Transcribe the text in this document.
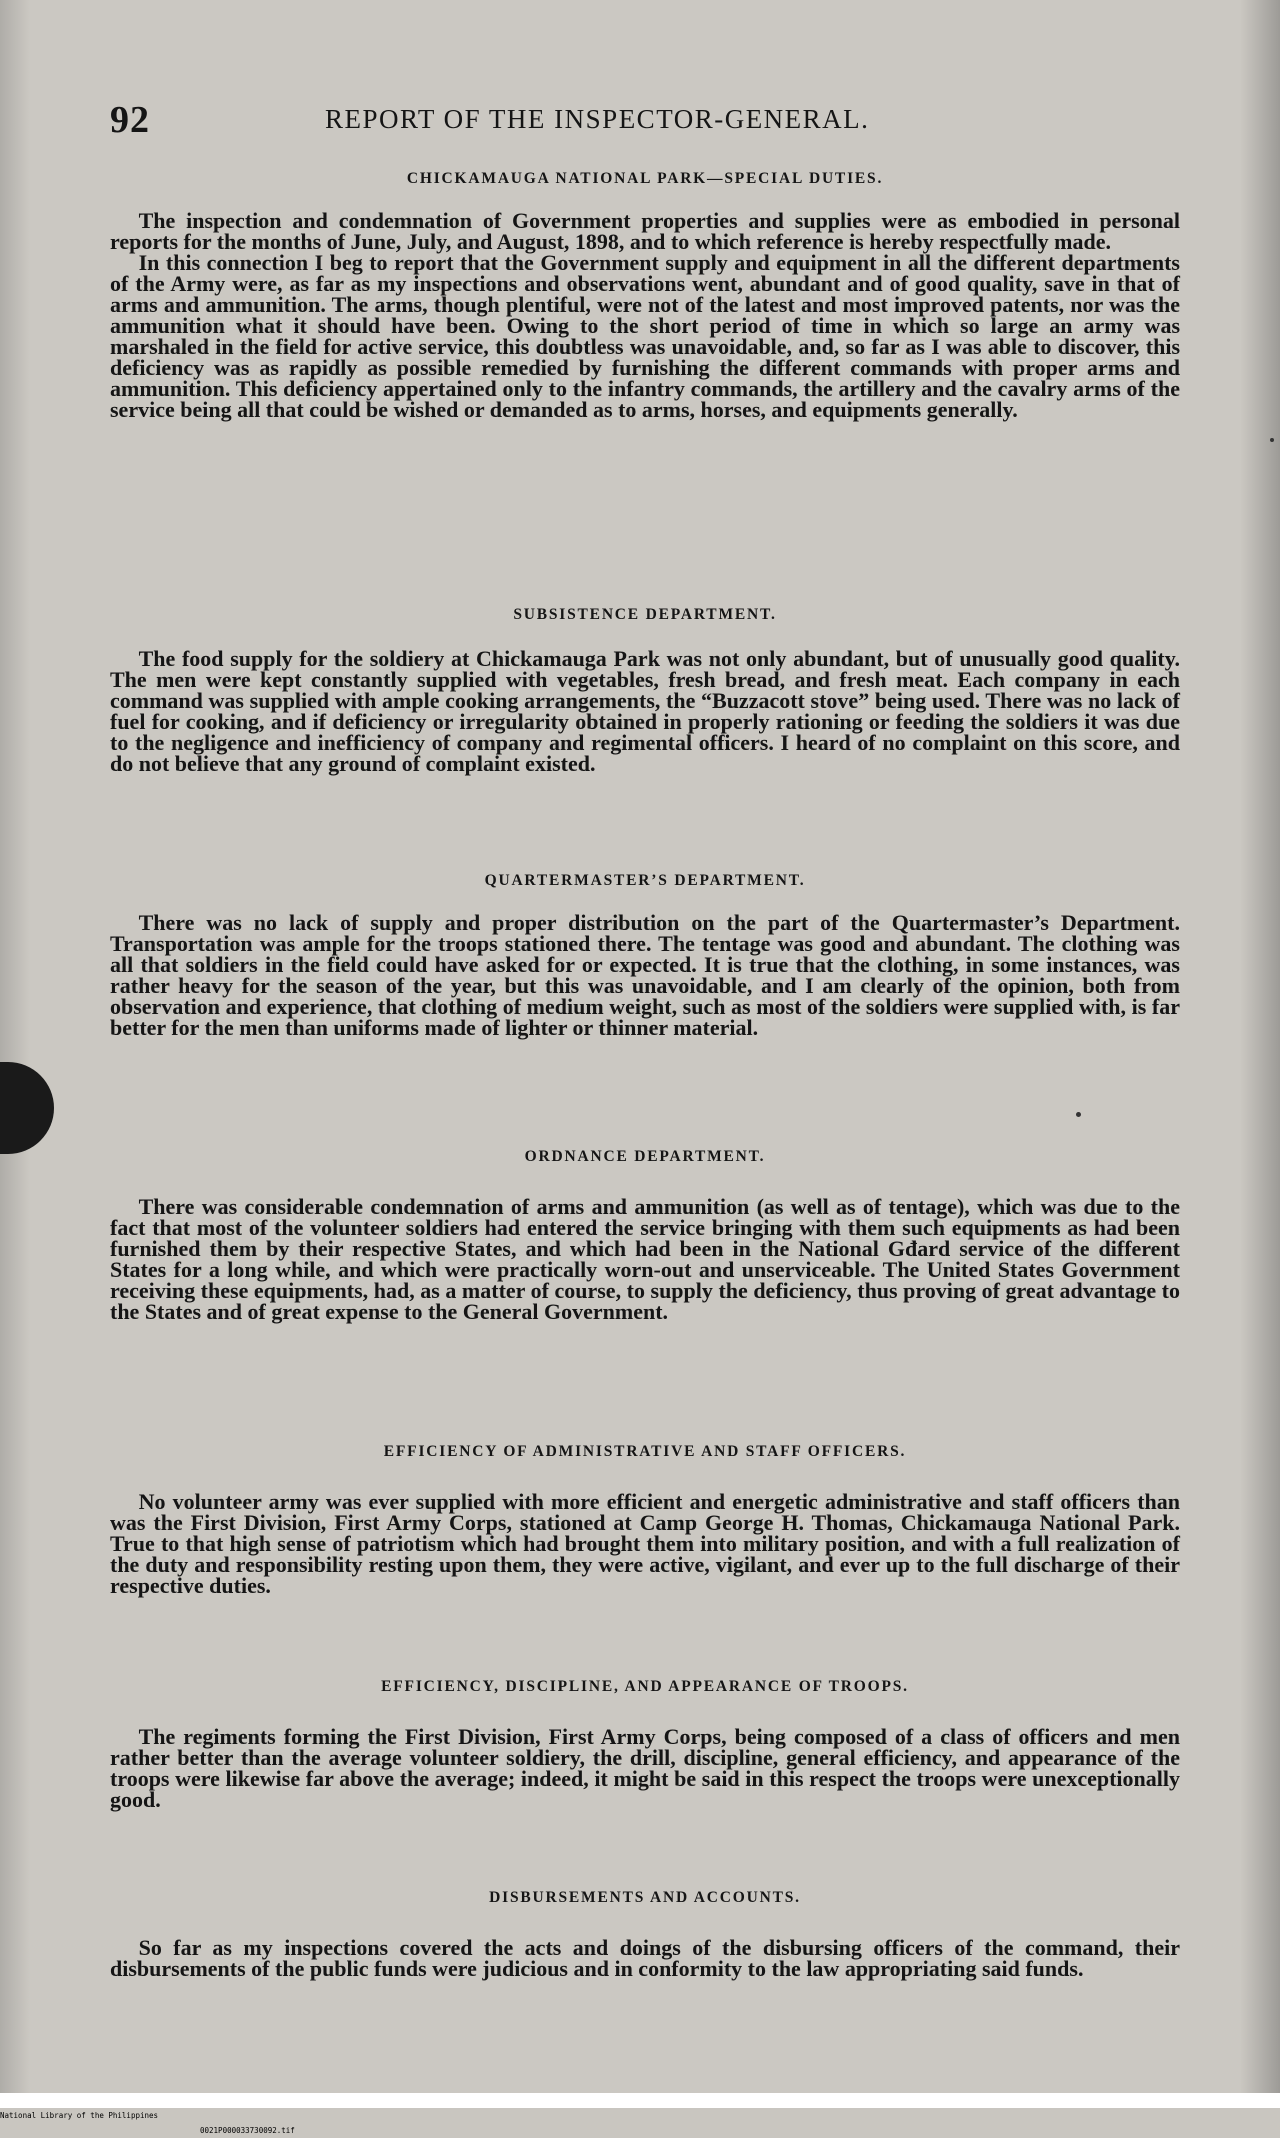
92	REPORT OF THE INSPECTOR-GENERAL.
CHICKAMAUGA NATIONAL PARK—SPECIAL DUTIES.

The inspection and condemnation of Government properties and supplies were as embodied in personal reports for the months of June, July, and August, 1898, and to which reference is hereby respectfully made.

In this connection I beg to report that the Government supply and equipment in all the different departments of the Army were, as far as my inspections and observations went, abundant and of good quality, save in that of arms and ammunition. The arms, though plentiful, were not of the latest and most improved patents, nor was the ammunition what it should have been. Owing to the short period of time in which so large an army was marshaled in the field for active service, this doubtless was unavoidable, and, so far as I was able to discover, this deficiency was as rapidly as possible remedied by furnishing the different commands with proper arms and ammunition. This deficiency appertained only to the infantry commands, the artillery and the cavalry arms of the service being all that could be wished or demanded as to arms, horses, and equipments generally.

SUBSISTENCE DEPARTMENT.

The food supply for the soldiery at Chickamauga Park was not only abundant, but of unusually good quality. The men were kept constantly supplied with vegetables, fresh bread, and fresh meat. Each company in each command was supplied with ample cooking arrangements, the “Buzzacott stove” being used. There was no lack of fuel for cooking, and if deficiency or irregularity obtained in properly rationing or feeding the soldiers it was due to the negligence and inefficiency of company and regimental officers. I heard of no complaint on this score, and do not believe that any ground of complaint existed.

QUARTERMASTER’S DEPARTMENT.

There was no lack of supply and proper distribution on the part of the Quartermaster’s Department. Transportation was ample for the troops stationed there. The tentage was good and abundant. The clothing was all that soldiers in the field could have asked for or expected. It is true that the clothing, in some instances, was rather heavy for the season of the year, but this was unavoidable, and I am clearly of the opinion, both from observation and experience, that clothing of medium weight, such as most of the soldiers were supplied with, is far better for the men than uniforms made of lighter or thinner material.

ORDNANCE DEPARTMENT.

There was considerable condemnation of arms and ammunition (as well as of tentage), which was due to the fact that most of the volunteer soldiers had entered the service bringing with them such equipments as had been furnished them by their respective States, and which had been in the National Gđard service of the different States for a long while, and which were practically worn-out and unserviceable. The United States Government receiving these equipments, had, as a matter of course, to supply the deficiency, thus proving of great advantage to the States and of great expense to the General Government.

EFFICIENCY OF ADMINISTRATIVE AND STAFF OFFICERS.

No volunteer army was ever supplied with more efficient and energetic administrative and staff officers than was the First Division, First Army Corps, stationed at Camp George H. Thomas, Chickamauga National Park. True to that high sense of patriotism which had brought them into military position, and with a full realization of the duty and responsibility resting upon them, they were active, vigilant, and ever up to the full discharge of their respective duties.

EFFICIENCY, DISCIPLINE, AND APPEARANCE OF TROOPS.

The regiments forming the First Division, First Army Corps, being composed of a class of officers and men rather better than the average volunteer soldiery, the drill, discipline, general efficiency, and appearance of the troops were likewise far above the average; indeed, it might be said in this respect the troops were unexceptionally good.

DISBURSEMENTS AND ACCOUNTS.

So far as my inspections covered the acts and doings of the disbursing officers of the command, their disbursements of the public funds were judicious and in conformity to the law appropriating said funds.

National Library of the Philippines

0021P000033730092.tif
